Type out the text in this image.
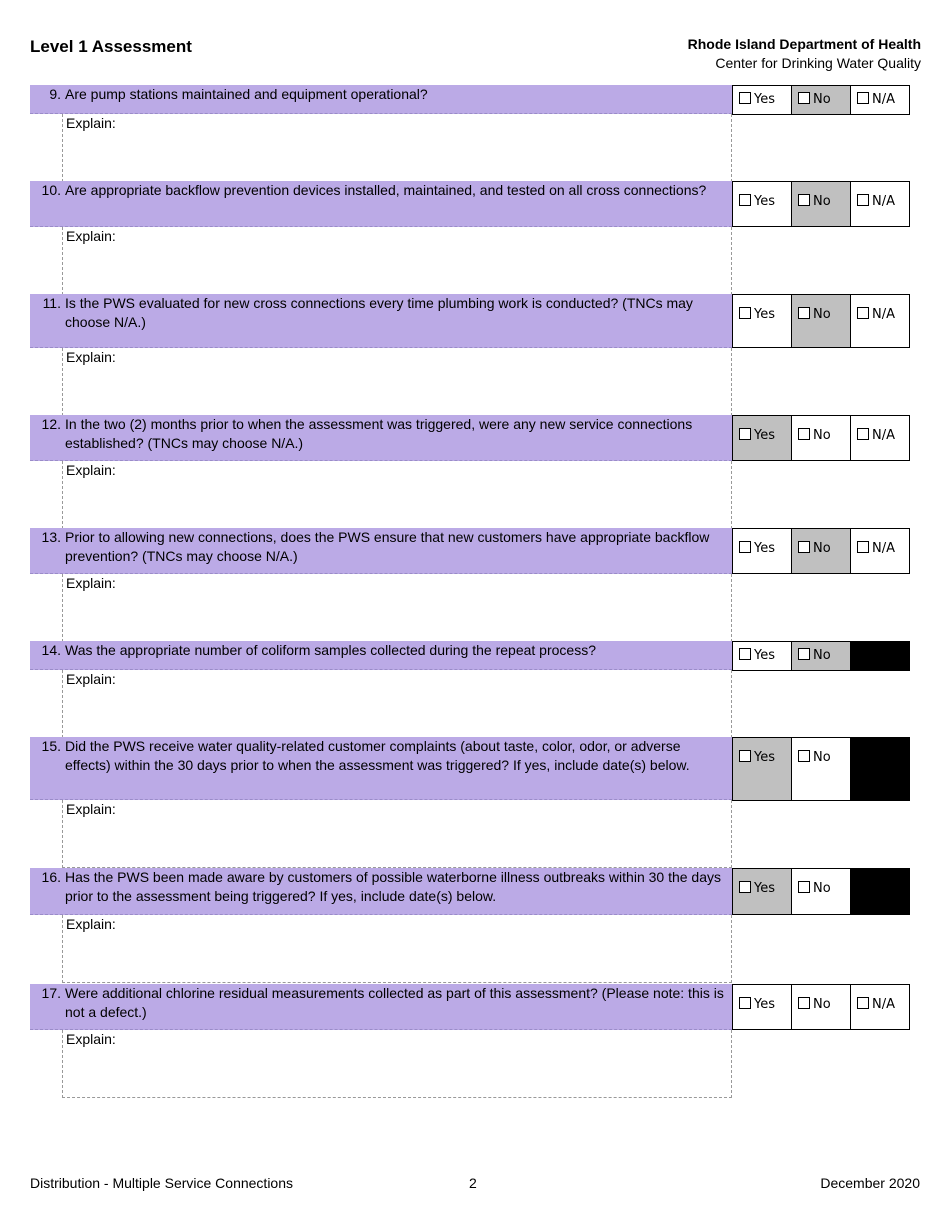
Level 1 Assessment	Rhode Island Department of Health
Center for Drinking Water Quality
9. Are pump stations maintained and equipment operational?
Explain:
Yes	No	N/A
10. Are appropriate backflow prevention devices installed, maintained, and tested on all cross connections?
Explain:
Yes	No	N/A
11. Is the PWS evaluated for new cross connections every time plumbing work is conducted? (TNCs may choose N/A.)
Explain:
Yes	No	N/A
12. In the two (2) months prior to when the assessment was triggered, were any new service connections established? (TNCs may choose N/A.)
Explain:
Yes	No	N/A
13. Prior to allowing new connections, does the PWS ensure that new customers have appropriate backflow prevention? (TNCs may choose N/A.)
Explain:
Yes	No	N/A
14. Was the appropriate number of coliform samples collected during the repeat process?
Explain:
Yes	No
15. Did the PWS receive water quality-related customer complaints (about taste, color, odor, or adverse effects) within the 30 days prior to when the assessment was triggered? If yes, include date(s) below.
Explain:
Yes	No
16. Has the PWS been made aware by customers of possible waterborne illness outbreaks within 30 the days prior to the assessment being triggered? If yes, include date(s) below.
Explain:
Yes	No
17. Were additional chlorine residual measurements collected as part of this assessment? (Please note: this is not a defect.)
Explain:
Yes	No	N/A
Distribution - Multiple Service Connections	2	December 2020
